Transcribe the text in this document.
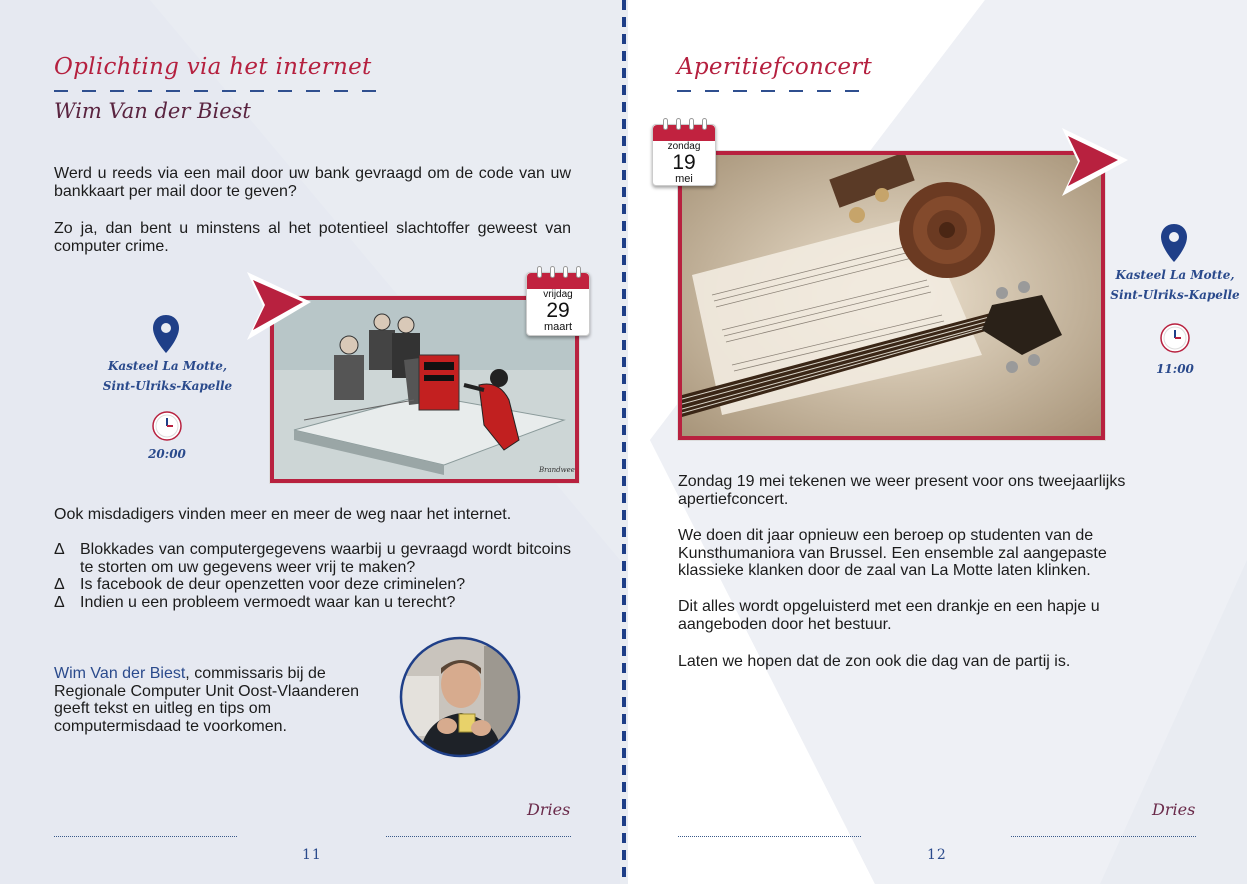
Oplichting via het internet
Wim Van der Biest
Werd u reeds via een mail door uw bank gevraagd om de code van uw bankkaart per mail door te geven?
Zo ja, dan bent u minstens al het potentieel slachtoffer geweest van computer crime.
Brandweer
vrijdag
29
maart
Kasteel La Motte,
Sint-Ulriks-Kapelle
20:00
Ook misdadigers vinden meer en meer de weg naar het internet.
Δ Blokkades van computergegevens waarbij u gevraagd wordt bitcoins te storten om uw gegevens weer vrij te maken?
Δ Is facebook de deur openzetten voor deze criminelen?
Δ Indien u een probleem vermoedt waar kan u terecht?
Wim Van der Biest, commissaris bij de Regionale Computer Unit Oost-Vlaanderen geeft tekst en uitleg en tips om computermisdaad te voorkomen.
Dries
11
Aperitiefconcert
zondag
19
mei
Kasteel La Motte,
Sint-Ulriks-Kapelle
11:00
Zondag 19 mei tekenen we weer present voor ons tweejaarlijks apertiefconcert.
We doen dit jaar opnieuw een beroep op studenten van de Kunsthumaniora van Brussel. Een ensemble zal aangepaste klassieke klanken door de zaal van La Motte laten klinken.
Dit alles wordt opgeluisterd met een drankje en een hapje u aangeboden door het bestuur.
Laten we hopen dat de zon ook die dag van de partij is.
Dries
12
